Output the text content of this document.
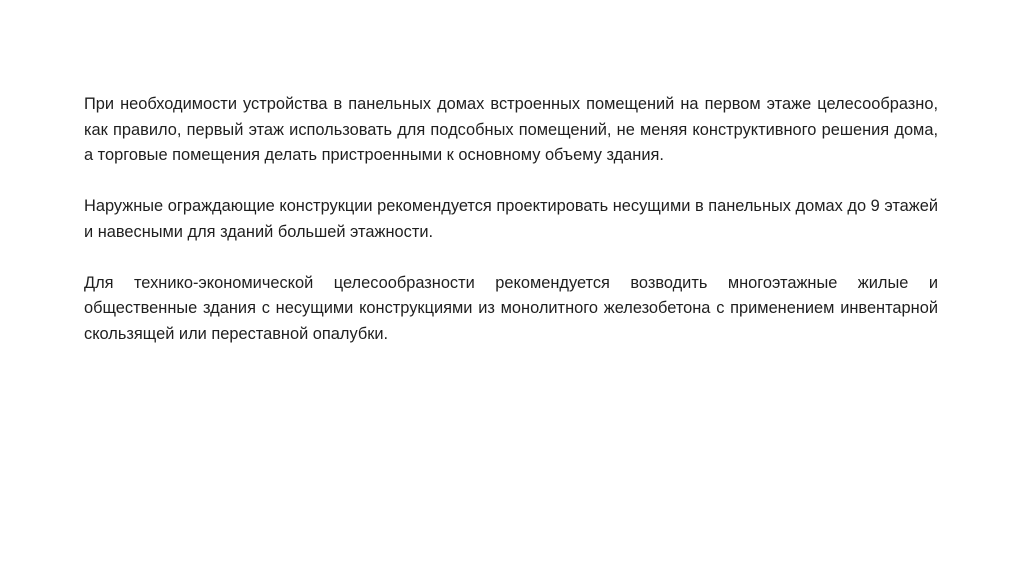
При необходимости устройства в панельных домах встроенных помещений на первом этаже целесообразно, как правило, первый этаж использовать для подсобных помещений, не меняя конструктивного решения дома, а торговые помещения делать пристроенными к основному объему здания.

Наружные ограждающие конструкции рекомендуется проектировать несущими в панельных домах до 9 этажей и навесными для зданий большей этажности.

Для технико-экономической целесообразности рекомендуется возводить многоэтажные жилые и общественные здания с несущими конструкциями из монолитного железобетона с применением инвентарной скользящей или переставной опалубки.
